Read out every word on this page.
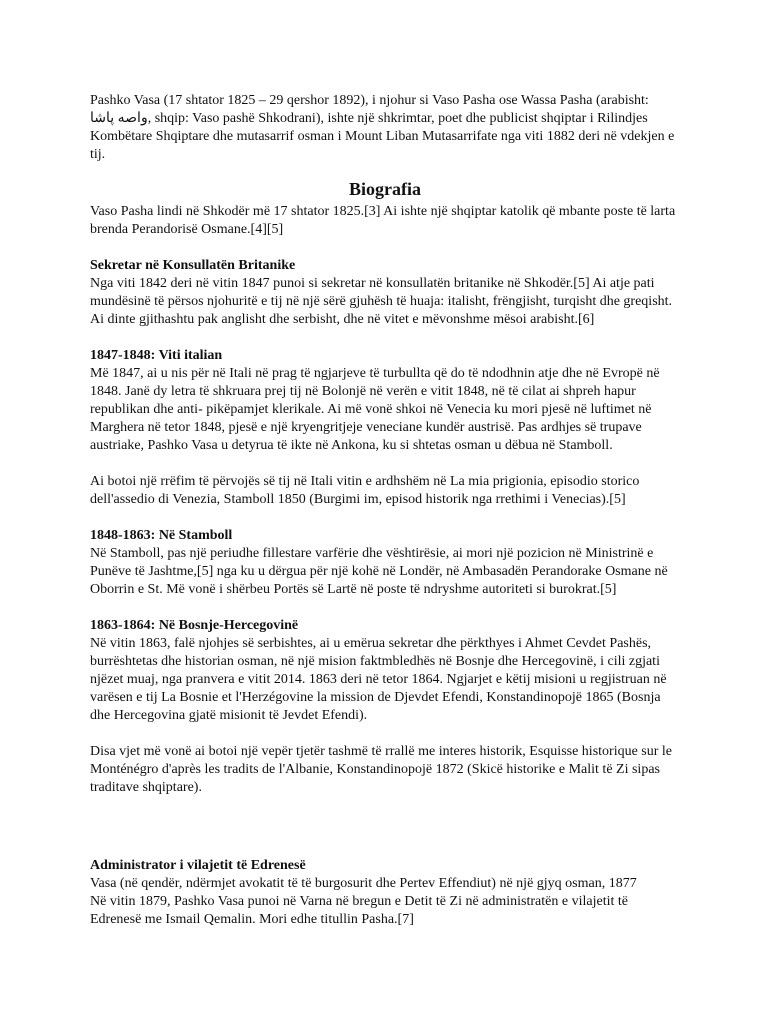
Pashko Vasa (17 shtator 1825 – 29 qershor 1892), i njohur si Vaso Pasha ose Wassa Pasha (arabisht: واصه پاشا, shqip: Vaso pashë Shkodrani), ishte një shkrimtar, poet dhe publicist shqiptar i Rilindjes Kombëtare Shqiptare dhe mutasarrif osman i Mount Liban Mutasarrifate nga viti 1882 deri në vdekjen e tij.

Biografia

Vaso Pasha lindi në Shkodër më 17 shtator 1825.[3] Ai ishte një shqiptar katolik që mbante poste të larta brenda Perandorisë Osmane.[4][5]

Sekretar në Konsullatën Britanike

Nga viti 1842 deri në vitin 1847 punoi si sekretar në konsullatën britanike në Shkodër.[5] Ai atje pati mundësinë të përsos njohuritë e tij në një sërë gjuhësh të huaja: italisht, frëngjisht, turqisht dhe greqisht. Ai dinte gjithashtu pak anglisht dhe serbisht, dhe në vitet e mëvonshme mësoi arabisht.[6]

1847-1848: Viti italian

Më 1847, ai u nis për në Itali në prag të ngjarjeve të turbullta që do të ndodhnin atje dhe në Evropë në 1848. Janë dy letra të shkruara prej tij në Bolonjë në verën e vitit 1848, në të cilat ai shpreh hapur republikan dhe anti- pikëpamjet klerikale. Ai më vonë shkoi në Venecia ku mori pjesë në luftimet në Marghera në tetor 1848, pjesë e një kryengritjeje veneciane kundër austrisë. Pas ardhjes së trupave austriake, Pashko Vasa u detyrua të ikte në Ankona, ku si shtetas osman u dëbua në Stamboll.

Ai botoi një rrëfim të përvojës së tij në Itali vitin e ardhshëm në La mia prigionia, episodio storico dell'assedio di Venezia, Stamboll 1850 (Burgimi im, episod historik nga rrethimi i Venecias).[5]

1848-1863: Në Stamboll

Në Stamboll, pas një periudhe fillestare varfërie dhe vështirësie, ai mori një pozicion në Ministrinë e Punëve të Jashtme,[5] nga ku u dërgua për një kohë në Londër, në Ambasadën Perandorake Osmane në Oborrin e St. Më vonë i shërbeu Portës së Lartë në poste të ndryshme autoriteti si burokrat.[5]

1863-1864: Në Bosnje-Hercegovinë

Në vitin 1863, falë njohjes së serbishtes, ai u emërua sekretar dhe përkthyes i Ahmet Cevdet Pashës, burrështetas dhe historian osman, në një mision faktmbledhës në Bosnje dhe Hercegovinë, i cili zgjati njëzet muaj, nga pranvera e vitit 2014. 1863 deri në tetor 1864. Ngjarjet e këtij misioni u regjistruan në varësen e tij La Bosnie et l'Herzégovine la mission de Djevdet Efendi, Konstandinopojë 1865 (Bosnja dhe Hercegovina gjatë misionit të Jevdet Efendi).

Disa vjet më vonë ai botoi një vepër tjetër tashmë të rrallë me interes historik, Esquisse historique sur le Monténégro d'après les tradits de l'Albanie, Konstandinopojë 1872 (Skicë historike e Malit të Zi sipas traditave shqiptare).

Administrator i vilajetit të Edrenesë

Vasa (në qendër, ndërmjet avokatit të të burgosurit dhe Pertev Effendiut) në një gjyq osman, 1877

Në vitin 1879, Pashko Vasa punoi në Varna në bregun e Detit të Zi në administratën e vilajetit të Edrenesë me Ismail Qemalin. Mori edhe titullin Pasha.[7]
